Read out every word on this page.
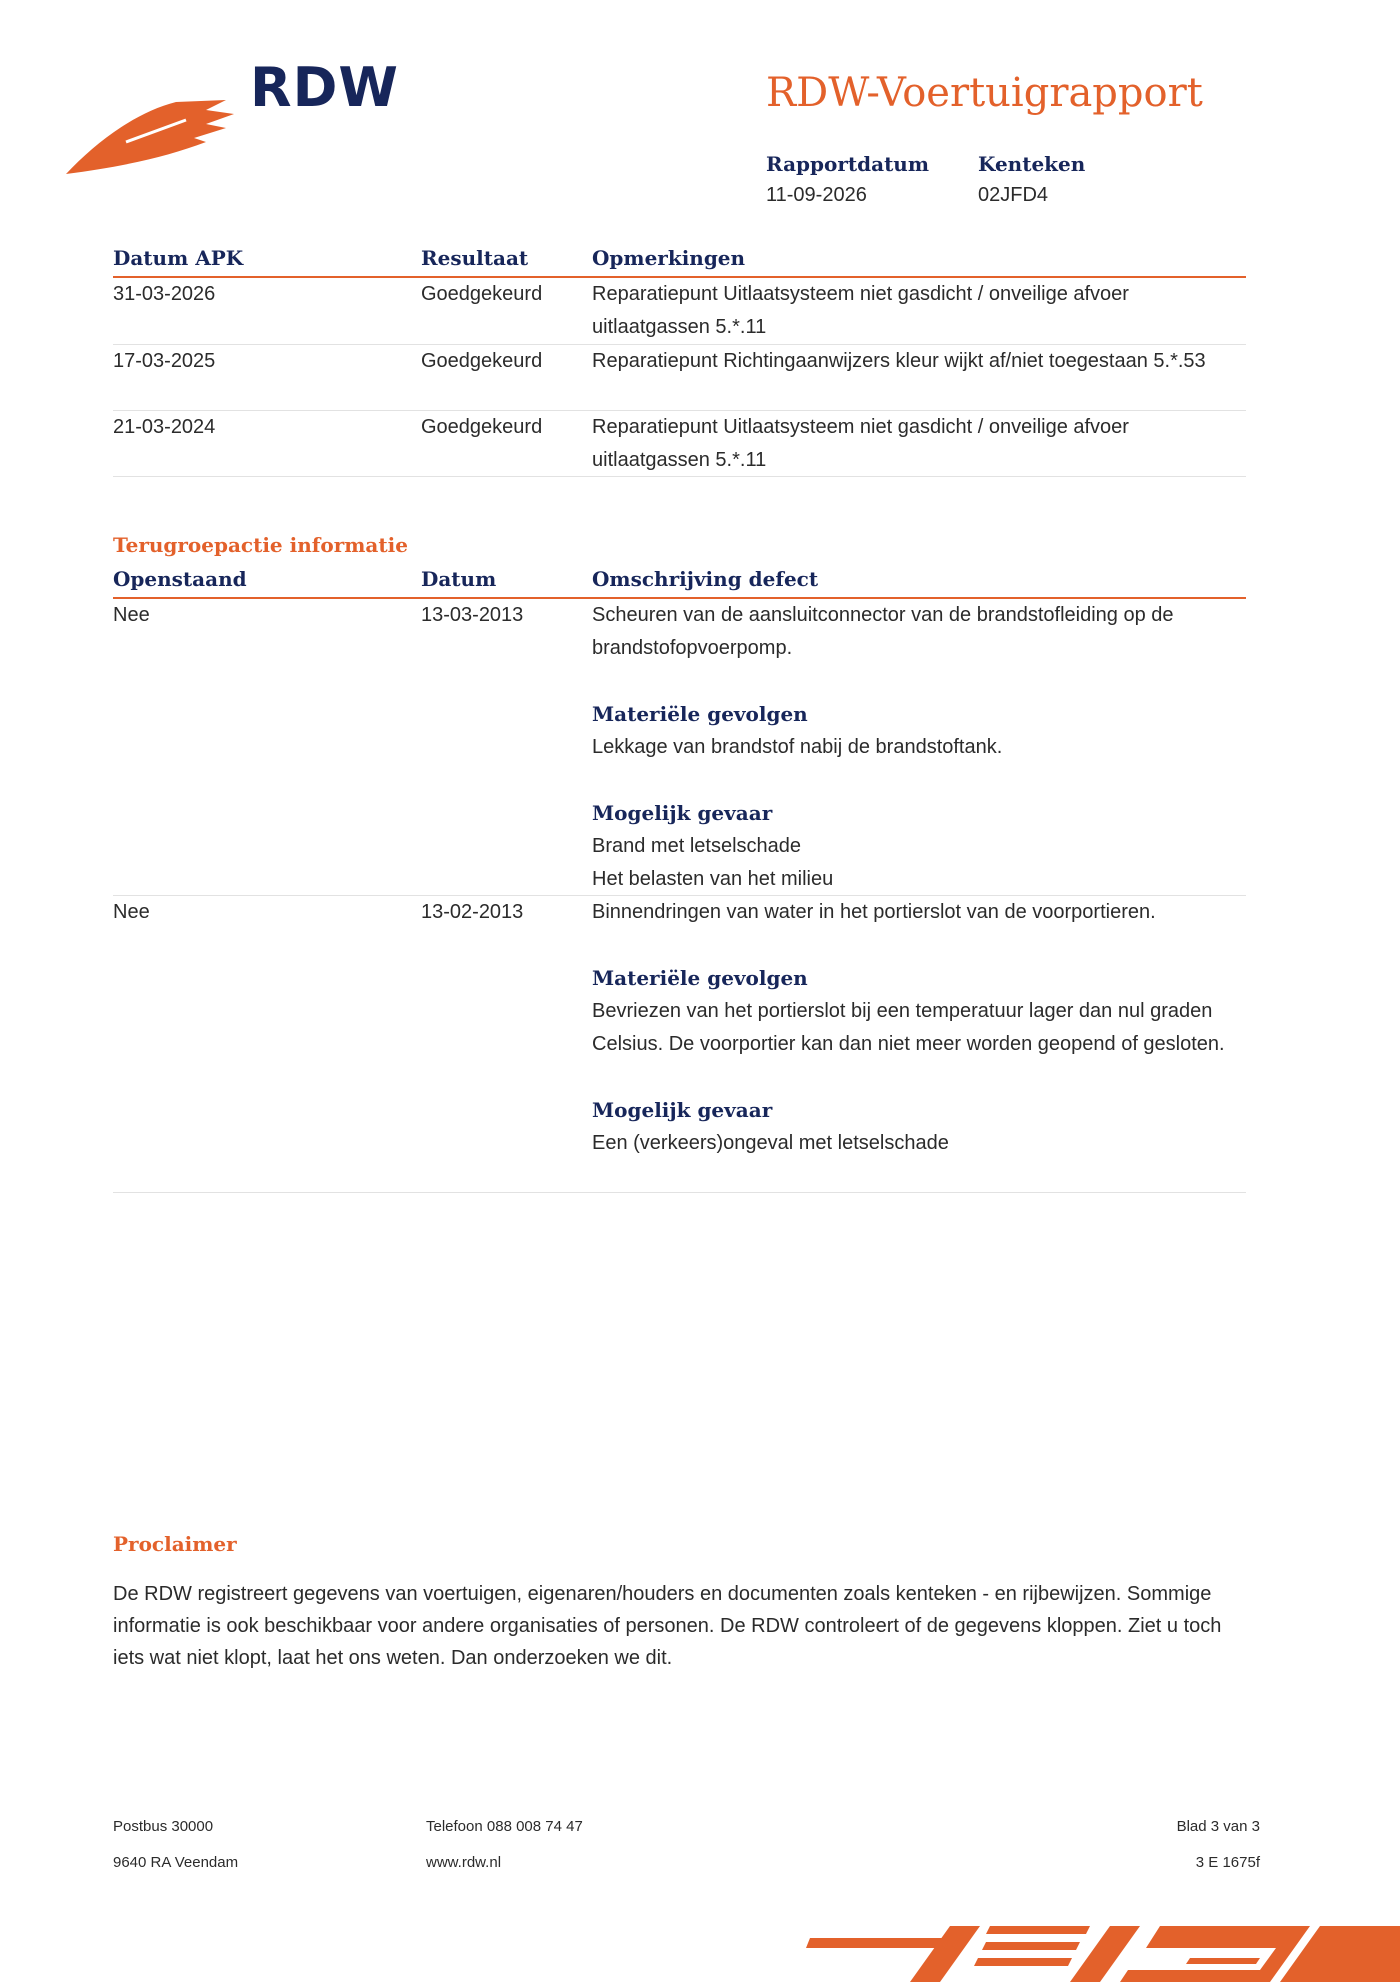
RDW	RDW-Voertuigrapport
Rapportdatum
11-09-2026
Kenteken
02JFD4
Datum APK	Resultaat	Opmerkingen
31-03-2026	Goedgekeurd Reparatiepunt Uitlaatsysteem niet gasdicht / onveilige afvoer uitlaatgassen 5.*.11
17-03-2025	Goedgekeurd Reparatiepunt Richtingaanwijzers kleur wijkt af/niet toegestaan 5.*.53
21-03-2024	Goedgekeurd Reparatiepunt Uitlaatsysteem niet gasdicht / onveilige afvoer uitlaatgassen 5.*.11
Terugroepactie informatie
Openstaand	Datum	Omschrijving defect
Nee	13-03-2013	Scheuren van de aansluitconnector van de brandstofleiding op de brandstofopvoerpomp.

Materiële gevolgen

Lekkage van brandstof nabij de brandstoftank.

Mogelijk gevaar

Brand met letselschade

Het belasten van het milieu

Nee	13-02-2013	Binnendringen van water in het portierslot van de voorportieren.

Materiële gevolgen

Bevriezen van het portierslot bij een temperatuur lager dan nul graden Celsius. De voorportier kan dan niet meer worden geopend of gesloten.

Mogelijk gevaar

Een (verkeers)ongeval met letselschade

Proclaimer
De RDW registreert gegevens van voertuigen, eigenaren/houders en documenten zoals kenteken - en rijbewijzen. Sommige informatie is ook beschikbaar voor andere organisaties of personen. De RDW controleert of de gegevens kloppen. Ziet u toch iets wat niet klopt, laat het ons weten. Dan onderzoeken we dit.
Postbus 30000
9640 RA Veendam
Telefoon 088 008 74 47
www.rdw.nl
Blad 3 van 3
3 E 1675f
